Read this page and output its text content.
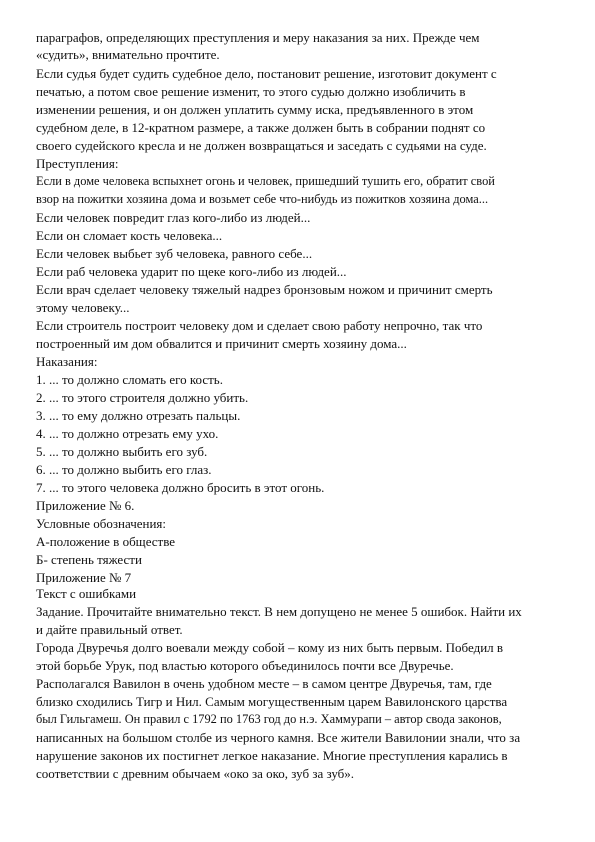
параграфов, определяющих преступления и меру наказания за них. Прежде чем
«судить», внимательно прочтите.
Если судья будет судить судебное дело, постановит решение, изготовит документ с
печатью, а потом свое решение изменит, то этого судью должно изобличить в
изменении решения, и он должен уплатить сумму иска, предъявленного в этом
судебном деле, в 12-кратном размере, а также должен быть в собрании поднят со
своего судейского кресла и не должен возвращаться и заседать с судьями на суде.
Преступления:
Если в доме человека вспыхнет огонь и человек, пришедший тушить его, обратит свой
взор на пожитки хозяина дома и возьмет себе что-нибудь из пожитков хозяина дома...
Если человек повредит глаз кого-либо из людей...
Если он сломает кость человека...
Если человек выбьет зуб человека, равного себе...
Если раб человека ударит по щеке кого-либо из людей...
Если врач сделает человеку тяжелый надрез бронзовым ножом и причинит смерть
этому человеку...
Если строитель построит человеку дом и сделает свою работу непрочно, так что
построенный им дом обвалится и причинит смерть хозяину дома...
Наказания:
1. ... то должно сломать его кость.
2. ... то этого строителя должно убить.
3. ... то ему должно отрезать пальцы.
4. ... то должно отрезать ему ухо.
5. ... то должно выбить его зуб.
6. ... то должно выбить его глаз.
7. ... то этого человека должно бросить в этот огонь.
Приложение № 6.
Условные обозначения:
А-положение в обществе
Б- степень тяжести
Приложение № 7
Текст с ошибками
Задание. Прочитайте внимательно текст. В нем допущено не менее 5 ошибок. Найти их
и дайте правильный ответ.
Города Двуречья долго воевали между собой – кому из них быть первым. Победил в
этой борьбе Урук, под властью которого объединилось почти все Двуречье.
Располагался Вавилон в очень удобном месте – в самом центре Двуречья, там, где
близко сходились Тигр и Нил. Самым могущественным царем Вавилонского царства
был Гильгамеш. Он правил с 1792 по 1763 год до н.э. Хаммурапи – автор свода законов,
написанных на большом столбе из черного камня. Все жители Вавилонии знали, что за
нарушение законов их постигнет легкое наказание. Многие преступления карались в
соответствии с древним обычаем «око за око, зуб за зуб».
